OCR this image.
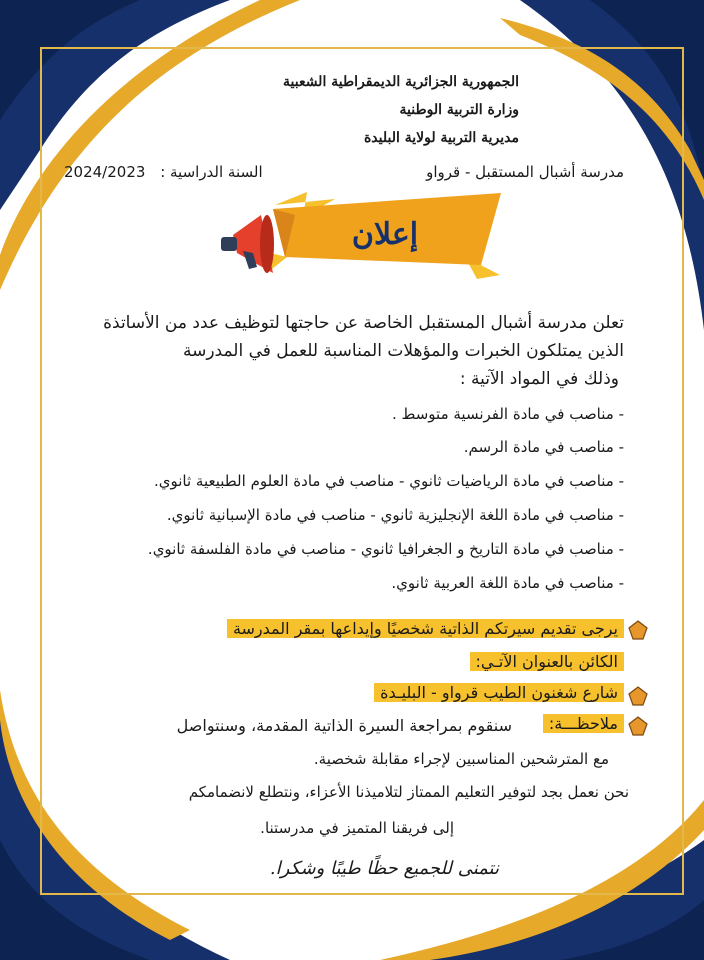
الجمهورية الجزائرية الديمقراطية الشعبية
وزارة التربية الوطنية
مديرية التربية لولاية البليدة
مدرسة أشبال المستقبل - قرواو
2024/2023 السنة الدراسية :
إعلان
تعلن مدرسة أشبال المستقبل الخاصة عن حاجتها لتوظيف عدد من الأساتذة
الذين يمتلكون الخبرات والمؤهلات المناسبة للعمل في المدرسة
وذلك في المواد الآتية :
- مناصب في مادة الفرنسية متوسط .
- مناصب في مادة الرسم.
- مناصب في مادة الرياضيات ثانوي - مناصب في مادة العلوم الطبيعية ثانوي.
- مناصب في مادة اللغة الإنجليزية ثانوي - مناصب في مادة الإسبانية ثانوي.
- مناصب في مادة التاريخ و الجغرافيا ثانوي - مناصب في مادة الفلسفة ثانوي.
- مناصب في مادة اللغة العربية ثانوي.
يرجى تقديم سيرتكم الذاتية شخصيًا وإيداعها بمقر المدرسة
الكائن بالعنوان الآتـي:
شارع شغنون الطيب قرواو - البليـدة
ملاحظـــة:
سنقوم بمراجعة السيرة الذاتية المقدمة، وسنتواصل
مع المترشحين المناسبين لإجراء مقابلة شخصية.
نحن نعمل بجد لتوفير التعليم الممتاز لتلاميذنا الأعزاء، ونتطلع لانضمامكم
إلى فريقنا المتميز في مدرستنا.
نتمنى للجميع حظًا طيبًا وشكرا.
